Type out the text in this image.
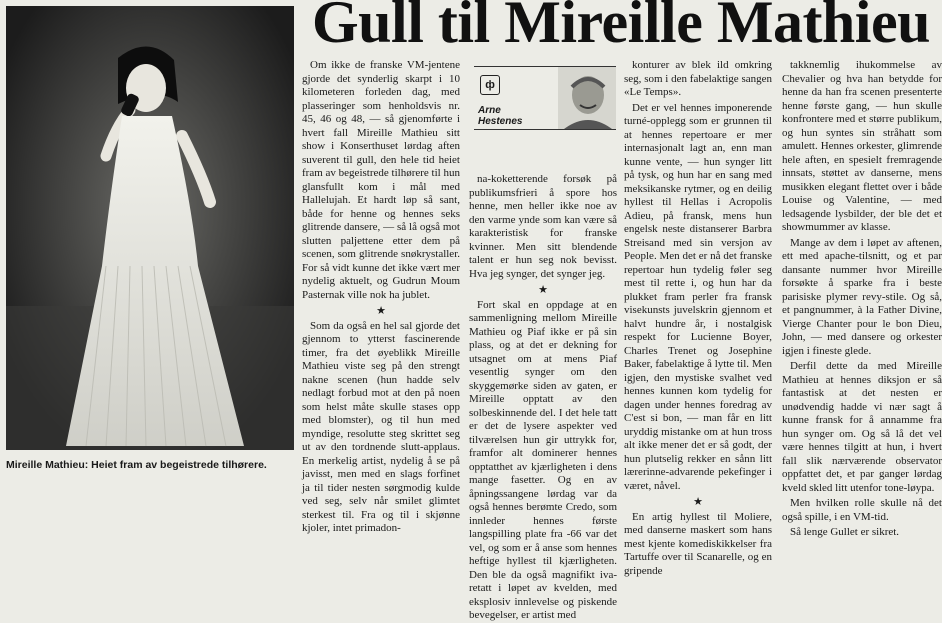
Gull til Mireille Mathieu
Mireille Mathieu: Heiet fram av begeistrede tilhørere.

Om ikke de franske VM-jentene gjorde det synderlig skarpt i 10 kilometeren forleden dag, med plasseringer som henholdsvis nr. 45, 46 og 48, — så gjenomførte i hvert fall Mireille Mathieu sitt show i Konserthuset lørdag aften suverent til gull, den hele tid heiet fram av begeistrede tilhørere til hun glansfullt kom i mål med Hallelujah. Et hardt løp så sant, både for henne og hennes seks glitrende dansere, — så lå også mot slutten paljettene etter dem på scenen, som glitrende snøkrystaller. For så vidt kunne det ikke vært mer nydelig aktuelt, og Gudrun Moum Pasternak ville nok ha jublet.

★

Som da også en hel sal gjorde det gjennom to ytterst fascinerende timer, fra det øyeblikk Mireille Mathieu viste seg på den strengt nakne scenen (hun hadde selv nedlagt forbud mot at den på noen som helst måte skulle stases opp med blomster), og til hun med myndige, resolutte steg skrittet seg ut av den tordnende slutt-applaus. En merkelig artist, nydelig å se på javisst, men med en slags forfinet ja til tider nesten sørgmodig kulde ved seg, selv når smilet glimtet sterkest til. Fra og til i skjønne kjoler, intet primadon-

ф
Arne
Hestenes

na-koketterende forsøk på publikumsfrieri å spore hos henne, men heller ikke noe av den varme ynde som kan være så karakteristisk for franske kvinner. Men sitt blendende talent er hun seg nok bevisst. Hva jeg synger, det synger jeg.

★

Fort skal en oppdage at en sammenligning mellom Mireille Mathieu og Piaf ikke er på sin plass, og at det er dekning for utsagnet om at mens Piaf vesentlig synger om den skyggemørke siden av gaten, er Mireille opptatt av den solbeskinnende del. I det hele tatt er det de lysere aspekter ved tilværelsen hun gir uttrykk for, framfor alt dominerer hennes opptatthet av kjærligheten i dens mange fasetter. Og en av åpningssangene lørdag var da også hennes berømte Credo, som innleder hennes første langspilling plate fra -66 var det vel, og som er å anse som hennes heftige hyllest til kjærligheten. Den ble da også magnifikt iva-retatt i løpet av kvelden, med eksplosiv innlevelse og piskende bevegelser, er artist med

konturer av blek ild omkring seg, som i den fabelaktige sangen «Le Temps».

Det er vel hennes imponerende turné-opplegg som er grunnen til at hennes repertoare er mer internasjonalt lagt an, enn man kunne vente, — hun synger litt på tysk, og hun har en sang med meksikanske rytmer, og en deilig hyllest til Hellas i Acropolis Adieu, på fransk, mens hun engelsk neste distanserer Barbra Streisand med sin versjon av People. Men det er nå det franske repertoar hun tydelig føler seg mest til rette i, og hun har da plukket fram perler fra fransk visekunsts juvelskrin gjennom et halvt hundre år, i nostalgisk respekt for Lucienne Boyer, Charles Trenet og Josephine Baker, fabelaktige å lytte til. Men igjen, den mystiske svalhet ved hennes kunnen kom tydelig for dagen under hennes foredrag av C'est si bon, — man får en litt uryddig mistanke om at hun tross alt ikke mener det er så godt, der hun plutselig rekker en sånn litt lærerinne-advarende pekefinger i været, nåvel.

★

En artig hyllest til Moliere, med danserne maskert som hans mest kjente komediskikkelser fra Tartuffe over til Scanarelle, og en gripende

takknemlig ihukommelse av Chevalier og hva han betydde for henne da han fra scenen presenterte henne første gang, — hun skulle konfrontere med et større publikum, og hun syntes sin stråhatt som amulett. Hennes orkester, glimrende hele aften, en spesielt fremragende innsats, støttet av danserne, mens musikken elegant flettet over i både Louise og Valentine, — med ledsagende lysbilder, der ble det et showmummer av klasse.

Mange av dem i løpet av aftenen, ett med apache-tilsnitt, og et par dansante nummer hvor Mireille forsøkte å sparke fra i beste parisiske plymer revy-stile. Og så, et pangnummer, à la Father Divine, Vierge Chanter pour le bon Dieu, John, — med dansere og orkester igjen i fineste glede.

Derfil dette da med Mireille Mathieu at hennes diksjon er så fantastisk at det nesten er unødvendig hadde vi nær sagt å kunne fransk for å annamme fra hun synger om. Og så lå det vel være hennes tilgitt at hun, i hvert fall slik nærværende observator oppfattet det, et par ganger lørdag kveld skled litt utenfor tone-løypa.

Men hvilken rolle skulle nå det også spille, i en VM-tid.

Så lenge Gullet er sikret.
